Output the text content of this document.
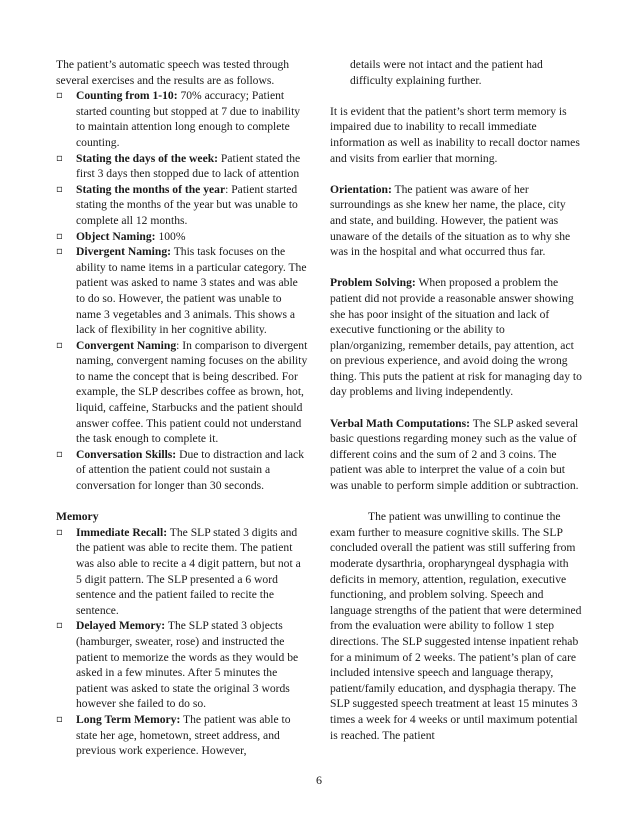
The patient’s automatic speech was tested through several exercises and the results are as follows.

▫ Counting from 1-10: 70% accuracy; Patient started counting but stopped at 7 due to inability to maintain attention long enough to complete counting.
▫ Stating the days of the week: Patient stated the first 3 days then stopped due to lack of attention
▫ Stating the months of the year: Patient started stating the months of the year but was unable to complete all 12 months.
▫ Object Naming: 100%
▫ Divergent Naming: This task focuses on the ability to name items in a particular category. The patient was asked to name 3 states and was able to do so. However, the patient was unable to name 3 vegetables and 3 animals. This shows a lack of flexibility in her cognitive ability.
▫ Convergent Naming: In comparison to divergent naming, convergent naming focuses on the ability to name the concept that is being described. For example, the SLP describes coffee as brown, hot, liquid, caffeine, Starbucks and the patient should answer coffee. This patient could not understand the task enough to complete it.
▫ Conversation Skills: Due to distraction and lack of attention the patient could not sustain a conversation for longer than 30 seconds.

Memory

▫ Immediate Recall: The SLP stated 3 digits and the patient was able to recite them. The patient was also able to recite a 4 digit pattern, but not a 5 digit pattern. The SLP presented a 6 word sentence and the patient failed to recite the sentence.
▫ Delayed Memory: The SLP stated 3 objects (hamburger, sweater, rose) and instructed the patient to memorize the words as they would be asked in a few minutes. After 5 minutes the patient was asked to state the original 3 words however she failed to do so.
▫ Long Term Memory: The patient was able to state her age, hometown, street address, and previous work experience. However,

details were not intact and the patient had difficulty explaining further.

It is evident that the patient’s short term memory is impaired due to inability to recall immediate information as well as inability to recall doctor names and visits from earlier that morning.

Orientation: The patient was aware of her surroundings as she knew her name, the place, city and state, and building. However, the patient was unaware of the details of the situation as to why she was in the hospital and what occurred thus far.

Problem Solving: When proposed a problem the patient did not provide a reasonable answer showing she has poor insight of the situation and lack of executive functioning or the ability to plan/organizing, remember details, pay attention, act on previous experience, and avoid doing the wrong thing. This puts the patient at risk for managing day to day problems and living independently.

Verbal Math Computations: The SLP asked several basic questions regarding money such as the value of different coins and the sum of 2 and 3 coins. The patient was able to interpret the value of a coin but was unable to perform simple addition or subtraction.

The patient was unwilling to continue the exam further to measure cognitive skills. The SLP concluded overall the patient was still suffering from moderate dysarthria, oropharyngeal dysphagia with deficits in memory, attention, regulation, executive functioning, and problem solving. Speech and language strengths of the patient that were determined from the evaluation were ability to follow 1 step directions. The SLP suggested intense inpatient rehab for a minimum of 2 weeks. The patient’s plan of care included intensive speech and language therapy, patient/family education, and dysphagia therapy. The SLP suggested speech treatment at least 15 minutes 3 times a week for 4 weeks or until maximum potential is reached. The patient

6
